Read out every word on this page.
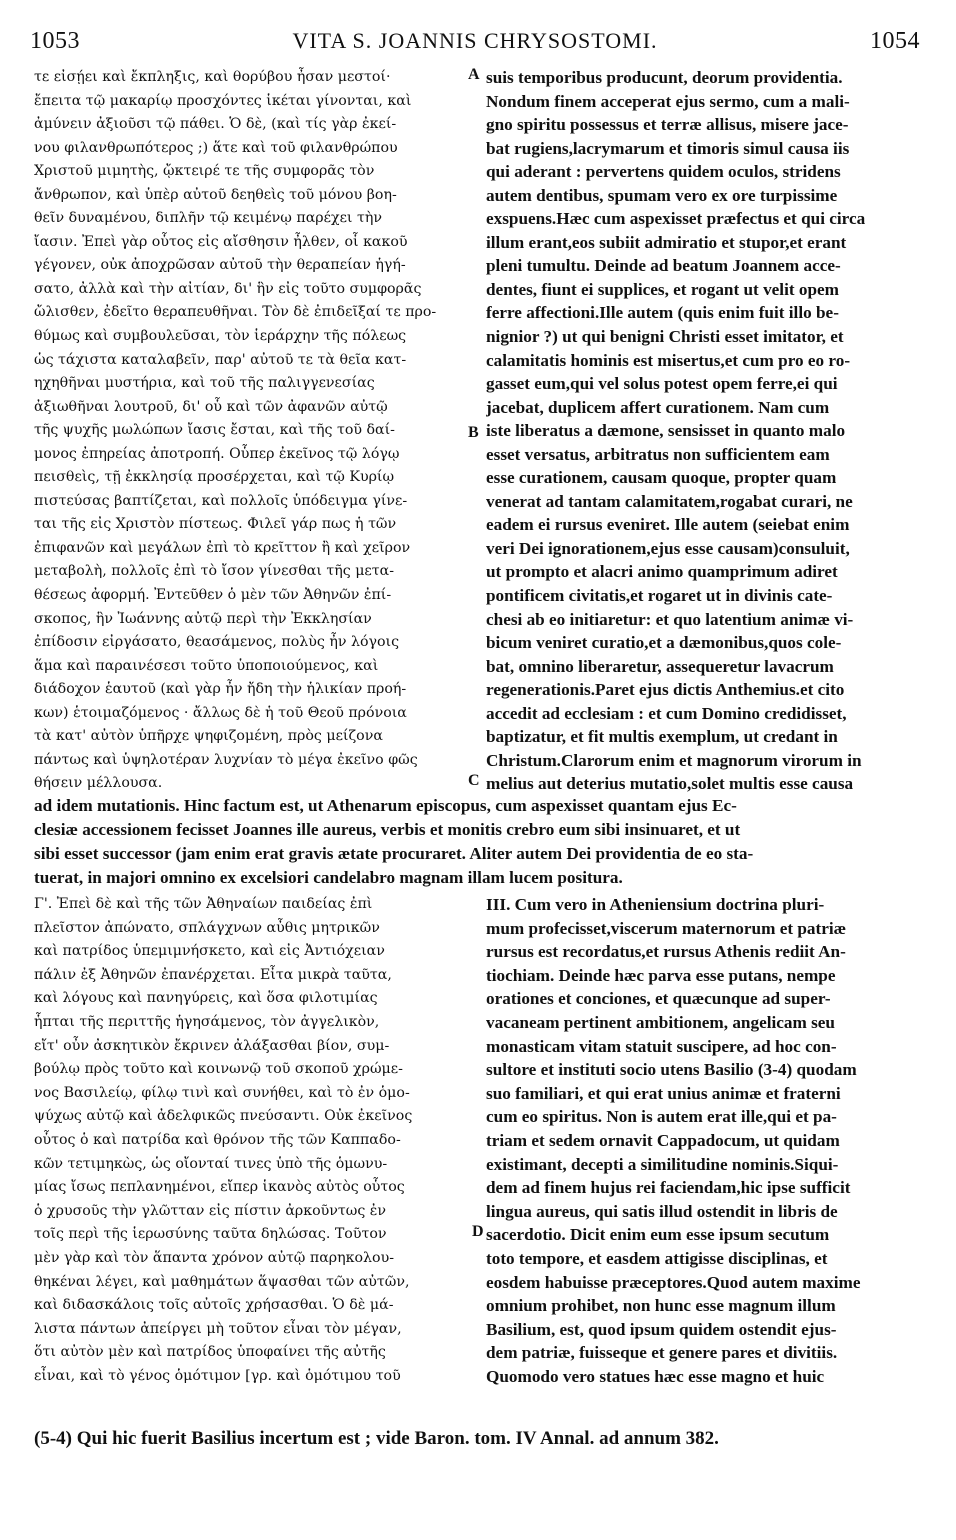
1053	VITA S. JOANNIS CHRYSOSTOMI.	1054
τε εἰσῄει καὶ ἔκπληξις, καὶ θορύβου ἦσαν μεστοί·
ἔπειτα τῷ μακαρίῳ προσχόντες ἱκέται γίνονται, καὶ
ἀμύνειν ἀξιοῦσι τῷ πάθει. Ὁ δὲ, (καὶ τίς γὰρ ἐκεί-
νου φιλανθρωπότερος ;) ἅτε καὶ τοῦ φιλανθρώπου
Χριστοῦ μιμητὴς, ᾤκτειρέ τε τῆς συμφορᾶς τὸν
ἄνθρωπον, καὶ ὑπὲρ αὐτοῦ δεηθεὶς τοῦ μόνου βοη-
θεῖν δυναμένου, διπλῆν τῷ κειμένῳ παρέχει τὴν
ἴασιν. Ἐπεὶ γὰρ οὗτος εἰς αἴσθησιν ἦλθεν, οἷ κακοῦ
γέγονεν, οὐκ ἀποχρῶσαν αὐτοῦ τὴν θεραπείαν ἡγή-
σατο, ἀλλὰ καὶ τὴν αἰτίαν, δι' ἣν εἰς τοῦτο συμφορᾶς
ὤλισθεν, ἐδεῖτο θεραπευθῆναι. Τὸν δὲ ἐπιδεῖξαί τε προ-
θύμως καὶ συμβουλεῦσαι, τὸν ἱεράρχην τῆς πόλεως
ὡς τάχιστα καταλαβεῖν, παρ' αὐτοῦ τε τὰ θεῖα κατ-
ηχηθῆναι μυστήρια, καὶ τοῦ τῆς παλιγγενεσίας
ἀξιωθῆναι λουτροῦ, δι' οὗ καὶ τῶν ἀφανῶν αὐτῷ
τῆς ψυχῆς μωλώπων ἴασις ἔσται, καὶ τῆς τοῦ δαί-
μονος ἐπηρείας ἀποτροπή. Οὗπερ ἐκεῖνος τῷ λόγῳ
πεισθεὶς, τῇ ἐκκλησίᾳ προσέρχεται, καὶ τῷ Κυρίῳ
πιστεύσας βαπτίζεται, καὶ πολλοῖς ὑπόδειγμα γίνε-
ται τῆς εἰς Χριστὸν πίστεως. Φιλεῖ γάρ πως ἡ τῶν
ἐπιφανῶν καὶ μεγάλων ἐπὶ τὸ κρεῖττον ἢ καὶ χεῖρον
μεταβολὴ, πολλοῖς ἐπὶ τὸ ἴσον γίνεσθαι τῆς μετα-
θέσεως ἀφορμή. Ἐντεῦθεν ὁ μὲν τῶν Ἀθηνῶν ἐπί-
σκοπος, ἣν Ἰωάννης αὐτῷ περὶ τὴν Ἐκκλησίαν
ἐπίδοσιν εἰργάσατο, θεασάμενος, πολὺς ἦν λόγοις
ἅμα καὶ παραινέσεσι τοῦτο ὑποποιούμενος, καὶ
διάδοχον ἑαυτοῦ (καὶ γὰρ ἦν ἤδη τὴν ἡλικίαν προή-
κων) ἑτοιμαζόμενος · ἄλλως δὲ ἡ τοῦ Θεοῦ πρόνοια
τὰ κατ' αὐτὸν ὑπῆρχε ψηφιζομένη, πρὸς μείζονα
πάντως καὶ ὑψηλοτέραν λυχνίαν τὸ μέγα ἐκεῖνο φῶς
θήσειν μέλλουσα.
suis temporibus producunt, deorum providentia.
Nondum finem acceperat ejus sermo, cum a mali-
gno spiritu possessus et terræ allisus, misere jace-
bat rugiens,lacrymarum et timoris simul causa iis
qui aderant : pervertens quidem oculos, stridens
autem dentibus, spumam vero ex ore turpissime
exspuens.Hæc cum aspexisset præfectus et qui circa
illum erant,eos subiit admiratio et stupor,et erant
pleni tumultu. Deinde ad beatum Joannem acce-
dentes, fiunt ei supplices, et rogant ut velit opem
ferre affectioni.Ille autem (quis enim fuit illo be-
nignior ?) ut qui benigni Christi esset imitator, et
calamitatis hominis est misertus,et cum pro eo ro-
gasset eum,qui vel solus potest opem ferre,ei qui
jacebat, duplicem affert curationem. Nam cum
iste liberatus a dæmone, sensisset in quanto malo
esset versatus, arbitratus non sufficientem eam
esse curationem, causam quoque, propter quam
venerat ad tantam calamitatem,rogabat curari, ne
eadem ei rursus eveniret. Ille autem (seiebat enim
veri Dei ignorationem,ejus esse causam)consuluit,
ut prompto et alacri animo quamprimum adiret
pontificem civitatis,et rogaret ut in divinis cate-
chesi ab eo initiaretur: et quo latentium animæ vi-
bicum veniret curatio,et a dæmonibus,quos cole-
bat, omnino liberaretur, assequeretur lavacrum
regenerationis.Paret ejus dictis Anthemius.et cito
accedit ad ecclesiam : et cum Domino credidisset,
baptizatur, et fit multis exemplum, ut credant in
Christum.Clarorum enim et magnorum virorum in
melius aut deterius mutatio,solet multis esse causa
A
B
C
D
ad idem mutationis. Hinc factum est, ut Athenarum episcopus, cum aspexisset quantam ejus Ec-
clesiæ accessionem fecisset Joannes ille aureus, verbis et monitis crebro eum sibi insinuaret, et ut
sibi esset successor (jam enim erat gravis ætate procuraret. Aliter autem Dei providentia de eo sta-
tuerat, in majori omnino ex excelsiori candelabro magnam illam lucem positura.
Γ'. Ἐπεὶ δὲ καὶ τῆς τῶν Ἀθηναίων παιδείας ἐπὶ
πλεῖστον ἀπώνατο, σπλάγχνων αὖθις μητρικῶν
καὶ πατρίδος ὑπεμιμνήσκετο, καὶ εἰς Ἀντιόχειαν
πάλιν ἐξ Ἀθηνῶν ἐπανέρχεται. Εἶτα μικρὰ ταῦτα,
καὶ λόγους καὶ πανηγύρεις, καὶ ὅσα φιλοτιμίας
ἧπται τῆς περιττῆς ἡγησάμενος, τὸν ἀγγελικὸν,
εἴτ' οὖν ἀσκητικὸν ἔκρινεν ἀλάξασθαι βίον, συμ-
βούλῳ πρὸς τοῦτο καὶ κοινωνῷ τοῦ σκοποῦ χρώμε-
νος Βασιλείῳ, φίλῳ τινὶ καὶ συνήθει, καὶ τὸ ἐν ὁμο-
ψύχως αὐτῷ καὶ ἀδελφικῶς πνεύσαντι. Οὐκ ἐκεῖνος
οὗτος ὁ καὶ πατρίδα καὶ θρόνον τῆς τῶν Καππαδο-
κῶν τετιμηκὼς, ὡς οἴονταί τινες ὑπὸ τῆς ὁμωνυ-
μίας ἴσως πεπλανημένοι, εἴπερ ἱκανὸς αὐτὸς οὗτος
ὁ χρυσοῦς τὴν γλῶτταν εἰς πίστιν ἀρκοῦντως ἐν
τοῖς περὶ τῆς ἱερωσύνης ταῦτα δηλώσας. Τοῦτον
μὲν γὰρ καὶ τὸν ἅπαντα χρόνον αὐτῷ παρηκολου-
θηκέναι λέγει, καὶ μαθημάτων ἅψασθαι τῶν αὐτῶν,
καὶ διδασκάλοις τοῖς αὐτοῖς χρήσασθαι. Ὁ δὲ μά-
λιστα πάντων ἀπείργει μὴ τοῦτον εἶναι τὸν μέγαν,
ὅτι αὐτὸν μὲν καὶ πατρίδος ὑποφαίνει τῆς αὐτῆς
εἶναι, καὶ τὸ γένος ὁμότιμον [γρ. καὶ ὁμότιμου τοῦ
III. Cum vero in Atheniensium doctrina pluri-
mum profecisset,viscerum maternorum et patriæ
rursus est recordatus,et rursus Athenis rediit An-
tiochiam. Deinde hæc parva esse putans, nempe
orationes et conciones, et quæcunque ad super-
vacaneam pertinent ambitionem, angelicam seu
monasticam vitam statuit suscipere, ad hoc con-
sultore et instituti socio utens Basilio (3-4) quodam
suo familiari, et qui erat unius animæ et fraterni
cum eo spiritus. Non is autem erat ille,qui et pa-
triam et sedem ornavit Cappadocum, ut quidam
existimant, decepti a similitudine nominis.Siqui-
dem ad finem hujus rei faciendam,hic ipse sufficit
lingua aureus, qui satis illud ostendit in libris de
sacerdotio. Dicit enim eum esse ipsum secutum
toto tempore, et easdem attigisse disciplinas, et
eosdem habuisse præceptores.Quod autem maxime
omnium prohibet, non hunc esse magnum illum
Basilium, est, quod ipsum quidem ostendit ejus-
dem patriæ, fuisseque et genere pares et divitiis.
Quomodo vero statues hæc esse magno et huic
(5-4) Qui hic fuerit Basilius incertum est ; vide Baron. tom. IV Annal. ad annum 382.
